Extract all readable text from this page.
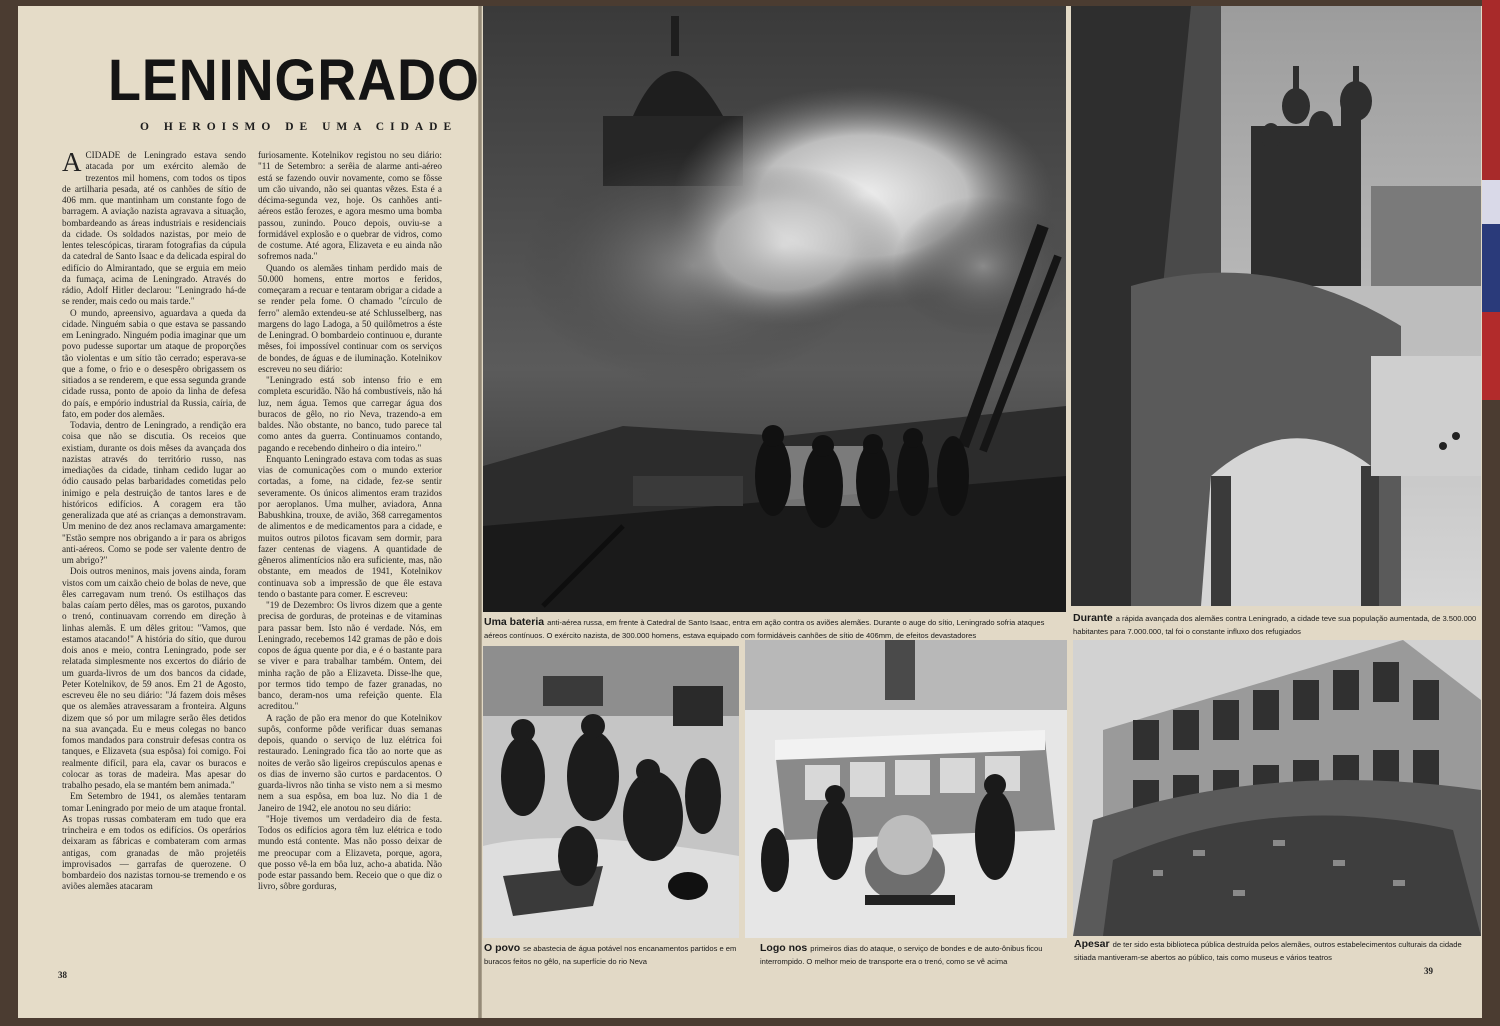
LENINGRADO
O HEROISMO DE UMA CIDADE

ACIDADE de Leningrado estava sendo atacada por um exército alemão de trezentos mil homens, com todos os tipos de artilharia pesada, até os canhões de sítio de 406 mm. que mantinham um constante fogo de barragem. A aviação nazista agravava a situação, bombardeando as áreas industriais e residenciais da cidade. Os soldados nazistas, por meio de lentes telescópicas, tiraram fotografias da cúpula da catedral de Santo Isaac e da delicada espiral do edifício do Almirantado, que se erguia em meio da fumaça, acima de Leningrado. Através do rádio, Adolf Hitler declarou: "Leningrado há-de se render, mais cedo ou mais tarde."

O mundo, apreensivo, aguardava a queda da cidade. Ninguém sabia o que estava se passando em Leningrado. Ninguém podia imaginar que um povo pudesse suportar um ataque de proporções tão violentas e um sítio tão cerrado; esperava-se que a fome, o frio e o desespêro obrigassem os sitiados a se renderem, e que essa segunda grande cidade russa, ponto de apoio da linha de defesa do país, e empório industrial da Russia, caíria, de fato, em poder dos alemães.

Todavia, dentro de Leningrado, a rendição era coisa que não se discutia. Os receios que existiam, durante os dois mêses da avançada dos nazistas através do território russo, nas imediações da cidade, tinham cedido lugar ao ódio causado pelas barbaridades cometidas pelo inimigo e pela destruição de tantos lares e de históricos edifícios. A coragem era tão generalizada que até as crianças a demonstravam. Um menino de dez anos reclamava amargamente: "Estão sempre nos obrigando a ir para os abrigos anti-aéreos. Como se pode ser valente dentro de um abrigo?"

Dois outros meninos, mais jovens ainda, foram vistos com um caixão cheio de bolas de neve, que êles carregavam num trenó. Os estilhaços das balas caíam perto dêles, mas os garotos, puxando o trenó, continuavam correndo em direção à linhas alemãs. E um dêles gritou: "Vamos, que estamos atacando!" A história do sítio, que durou dois anos e meio, contra Leningrado, pode ser relatada simplesmente nos excertos do diário de um guarda-livros de um dos bancos da cidade, Peter Kotelnikov, de 59 anos. Em 21 de Agosto, escreveu êle no seu diário: "Já fazem dois mêses que os alemães atravessaram a fronteira. Alguns dizem que só por um milagre serão êles detidos na sua avançada. Eu e meus colegas no banco fomos mandados para construir defesas contra os tanques, e Elizaveta (sua espôsa) foi comigo. Foi realmente difícil, para ela, cavar os buracos e colocar as toras de madeira. Mas apesar do trabalho pesado, ela se mantém bem animada."

Em Setembro de 1941, os alemães tentaram tomar Leningrado por meio de um ataque frontal. As tropas russas combateram em tudo que era trincheira e em todos os edifícios. Os operários deixaram as fábricas e combateram com armas antigas, com granadas de mão projetéis improvisados — garrafas de querozene. O bombardeio dos nazistas tornou-se tremendo e os aviões alemães atacaram

furiosamente. Kotelnikov registou no seu diário: "11 de Setembro: a serêia de alarme anti-aéreo está se fazendo ouvir novamente, como se fôsse um cão uivando, não sei quantas vêzes. Esta é a décima-segunda vez, hoje. Os canhões anti-aéreos estão ferozes, e agora mesmo uma bomba passou, zunindo. Pouco depois, ouviu-se a formidável explosão e o quebrar de vidros, como de costume. Até agora, Elizaveta e eu ainda não sofremos nada."

Quando os alemães tinham perdido mais de 50.000 homens, entre mortos e feridos, começaram a recuar e tentaram obrigar a cidade a se render pela fome. O chamado "círculo de ferro" alemão extendeu-se até Schlusselberg, nas margens do lago Ladoga, a 50 quilômetros a éste de Leningrad. O bombardeio continuou e, durante mêses, foi impossível continuar com os serviços de bondes, de águas e de iluminação. Kotelnikov escreveu no seu diário:

"Leningrado está sob intenso frio e em completa escuridão. Não há combustíveis, não há luz, nem água. Temos que carregar água dos buracos de gêlo, no rio Neva, trazendo-a em baldes. Não obstante, no banco, tudo parece tal como antes da guerra. Continuamos contando, pagando e recebendo dinheiro o dia inteiro."

Enquanto Leningrado estava com todas as suas vias de comunicações com o mundo exterior cortadas, a fome, na cidade, fez-se sentir severamente. Os únicos alimentos eram trazidos por aeroplanos. Uma mulher, aviadora, Anna Babushkina, trouxe, de avião, 368 carregamentos de alimentos e de medicamentos para a cidade, e muitos outros pilotos ficavam sem dormir, para fazer centenas de viagens. A quantidade de gêneros alimentícios não era suficiente, mas, não obstante, em meados de 1941, Kotelnikov continuava sob a impressão de que êle estava tendo o bastante para comer. E escreveu:

"19 de Dezembro: Os livros dizem que a gente precisa de gorduras, de proteinas e de vitaminas para passar bem. Isto não é verdade. Nós, em Leningrado, recebemos 142 gramas de pão e dois copos de água quente por dia, e é o bastante para se viver e para trabalhar também. Ontem, dei minha ração de pão a Elizaveta. Disse-lhe que, por termos tido tempo de fazer granadas, no banco, deram-nos uma refeição quente. Ela acreditou."

A ração de pão era menor do que Kotelnikov supôs, conforme pôde verificar duas semanas depois, quando o serviço de luz elétrica foi restaurado. Leningrado fica tão ao norte que as noites de verão são ligeiros crepúsculos apenas e os dias de inverno são curtos e pardacentos. O guarda-livros não tinha se visto nem a si mesmo nem a sua espôsa, em boa luz. No dia 1 de Janeiro de 1942, ele anotou no seu diário:

"Hoje tivemos um verdadeiro dia de festa. Todos os edifícios agora têm luz elétrica e todo mundo está contente. Mas não posso deixar de me preocupar com a Elizaveta, porque, agora, que posso vê-la em bôa luz, acho-a abatida. Não pode estar passando bem. Receio que o que diz o livro, sôbre gorduras,

38	39
Uma bateria anti-aérea russa, em frente à Catedral de Santo Isaac, entra em ação contra os aviões alemães. Durante o auge do sítio, Leningrado sofria ataques aéreos contínuos. O exército nazista, de 300.000 homens, estava equipado com formidáveis canhões de sítio de 406mm, de efeitos devastadores
Durante a rápida avançada dos alemães contra Leningrado, a cidade teve sua população aumentada, de 3.500.000 habitantes para 7.000.000, tal foi o constante influxo dos refugiados
O povo se abastecia de água potável nos encanamentos partidos e em buracos feitos no gêlo, na superfície do rio Neva
Logo nos primeiros dias do ataque, o serviço de bondes e de auto-ônibus ficou interrompido. O melhor meio de transporte era o trenó, como se vê acima
Apesar de ter sido esta biblioteca pública destruída pelos alemães, outros estabelecimentos culturais da cidade sitiada mantiveram-se abertos ao público, tais como museus e vários teatros
